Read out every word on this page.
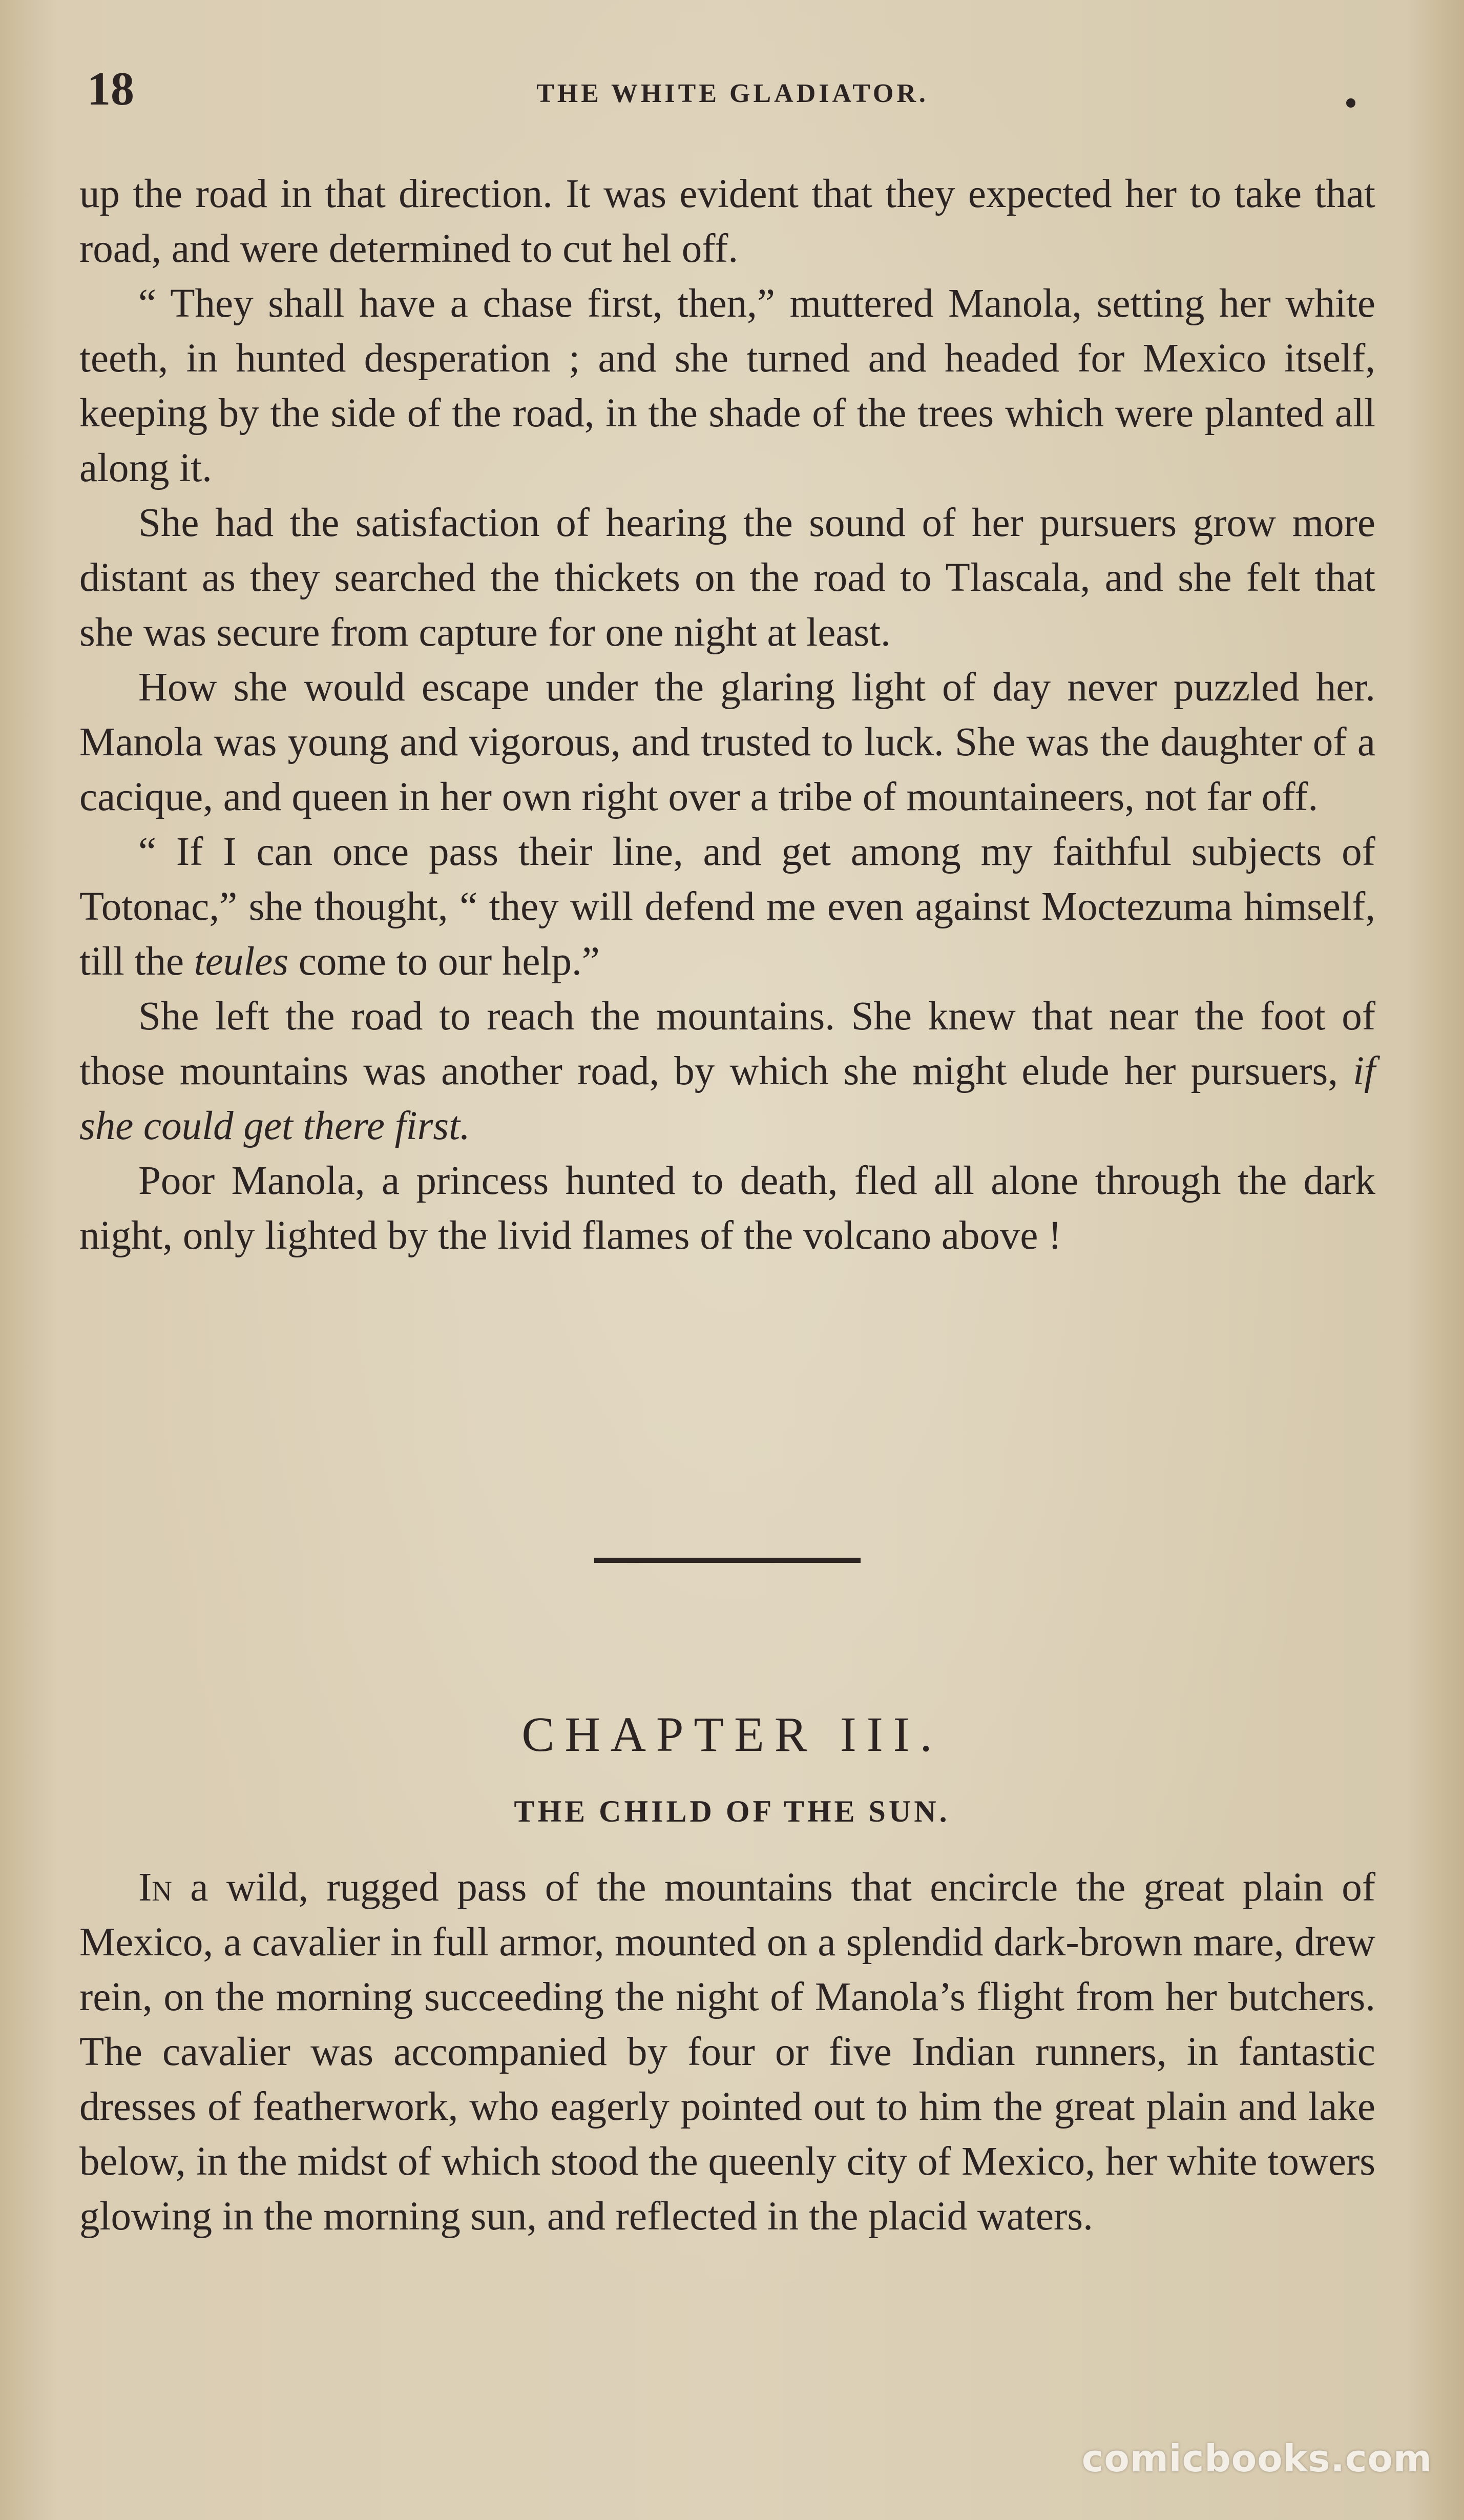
18	THE WHITE GLADIATOR.

up the road in that direction. It was evident that they expected her to take that road, and were determined to cut hel off.

“ They shall have a chase first, then,” muttered Manola, setting her white teeth, in hunted desperation ; and she turned and headed for Mexico itself, keeping by the side of the road, in the shade of the trees which were planted all along it.

She had the satisfaction of hearing the sound of her pursuers grow more distant as they searched the thickets on the road to Tlascala, and she felt that she was secure from capture for one night at least.

How she would escape under the glaring light of day never puzzled her. Manola was young and vigorous, and trusted to luck. She was the daughter of a cacique, and queen in her own right over a tribe of mountaineers, not far off.

“ If I can once pass their line, and get among my faithful subjects of Totonac,” she thought, “ they will defend me even against Moctezuma himself, till the teules come to our help.”

She left the road to reach the mountains. She knew that near the foot of those mountains was another road, by which she might elude her pursuers, if she could get there first.

Poor Manola, a princess hunted to death, fled all alone through the dark night, only lighted by the livid flames of the volcano above !

CHAPTER III.
THE CHILD OF THE SUN.

In a wild, rugged pass of the mountains that encircle the great plain of Mexico, a cavalier in full armor, mounted on a splendid dark-brown mare, drew rein, on the morning succeeding the night of Manola’s flight from her butchers. The cavalier was accompanied by four or five Indian runners, in fantastic dresses of featherwork, who eagerly pointed out to him the great plain and lake below, in the midst of which stood the queenly city of Mexico, her white towers glowing in the morning sun, and reflected in the placid waters.

comicbooks.com
